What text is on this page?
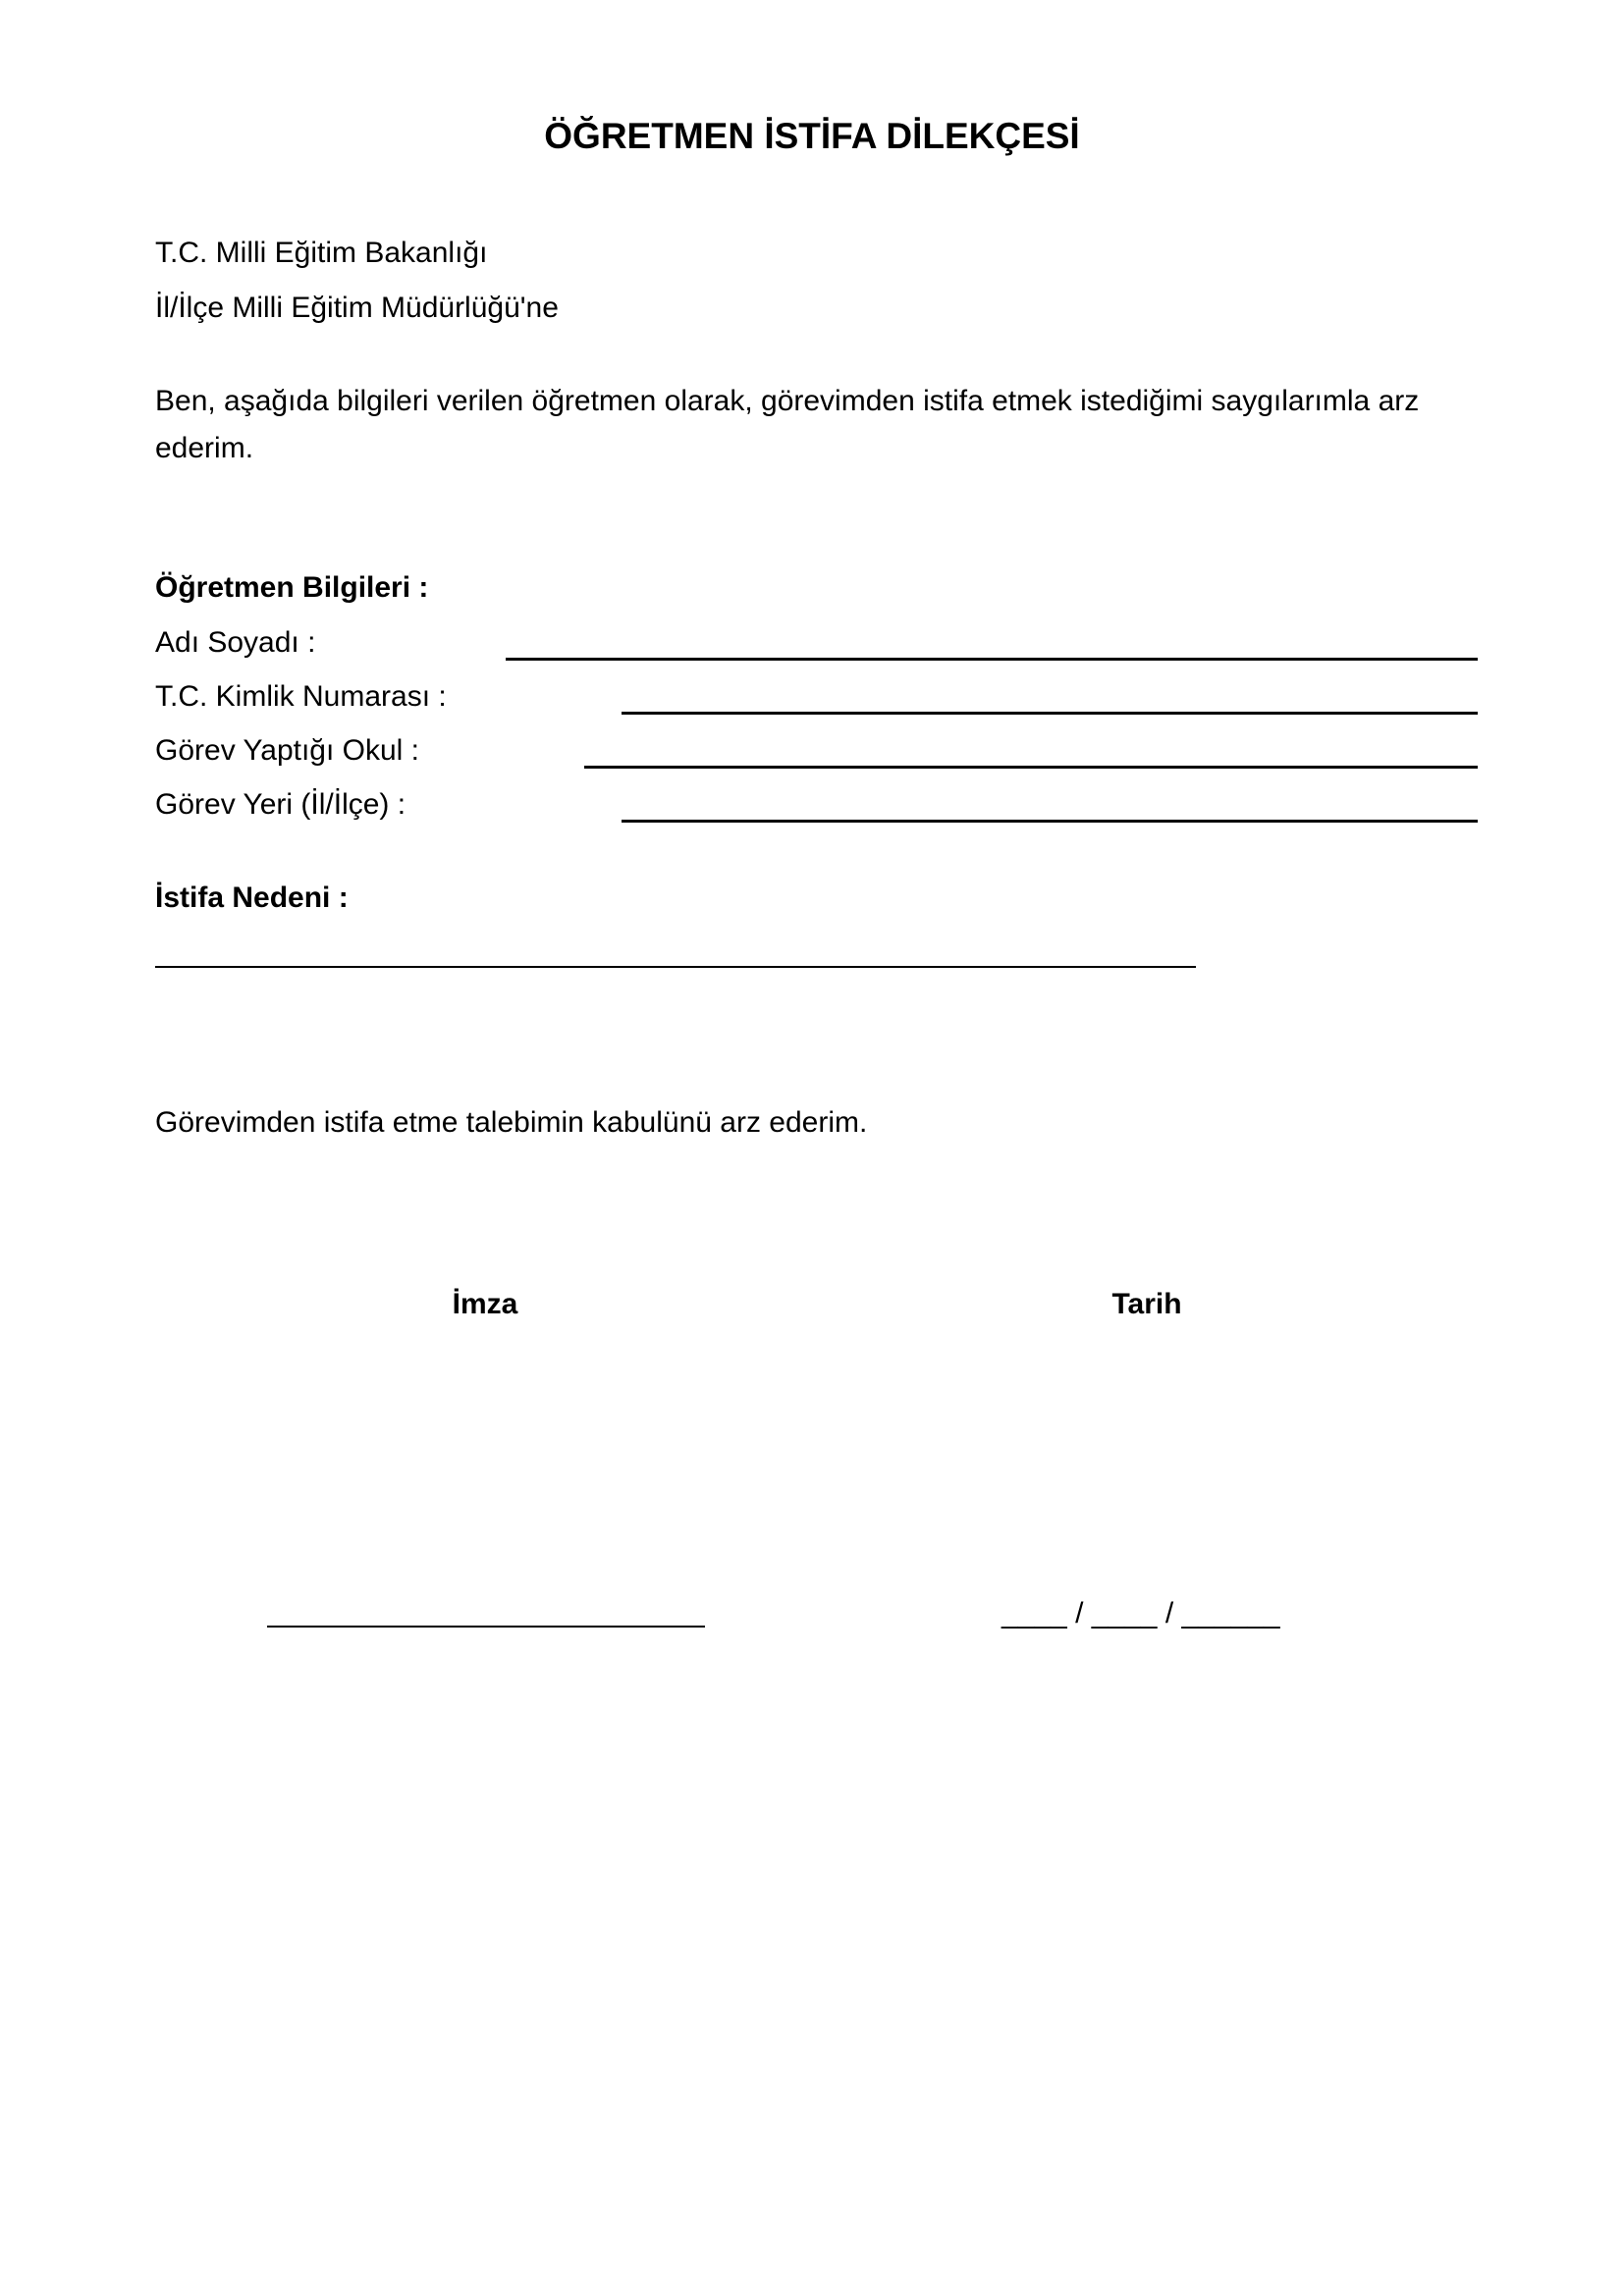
ÖĞRETMEN İSTİFA DİLEKÇESİ
T.C. Milli Eğitim Bakanlığı
İl/İlçe Milli Eğitim Müdürlüğü'ne
Ben, aşağıda bilgileri verilen öğretmen olarak, görevimden istifa etmek istediğimi saygılarımla arz
ederim.
Öğretmen Bilgileri :
Adı Soyadı :
T.C. Kimlik Numarası :
Görev Yaptığı Okul :
Görev Yeri (İl/İlçe) :
İstifa Nedeni :
Görevimden istifa etme talebimin kabulünü arz ederim.
İmza	Tarih
____ / ____ / ______
